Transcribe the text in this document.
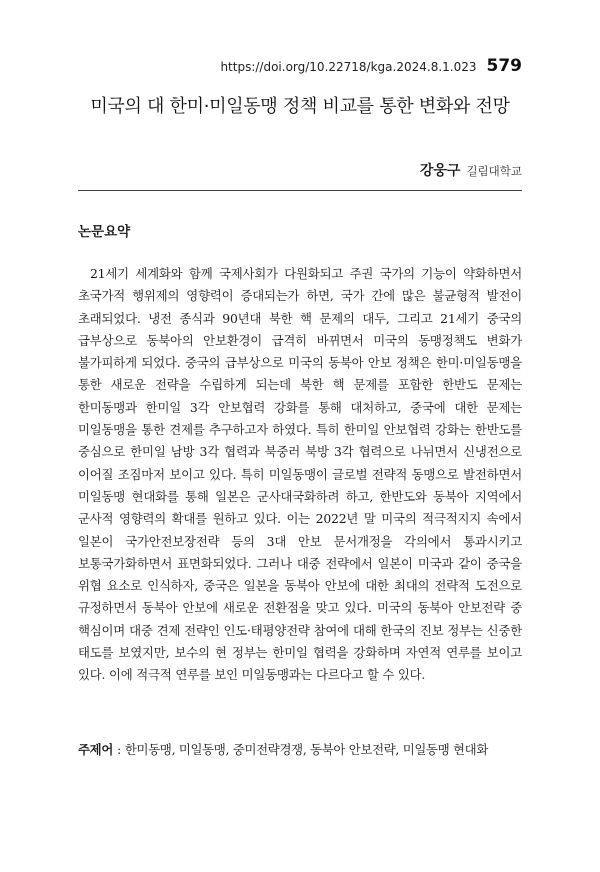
https://doi.org/10.22718/kga.2024.8.1.023 579
미국의 대 한미·미일동맹 정책 비교를 통한 변화와 전망
강웅구 길림대학교
논문요약

21세기 세계화와 함께 국제사회가 다원화되고 주권 국가의 기능이 약화하면서 초국가적 행위제의 영향력이 증대되는가 하면, 국가 간에 많은 불균형적 발전이 초래되었다. 냉전 종식과 90년대 북한 핵 문제의 대두, 그리고 21세기 중국의 급부상으로 동북아의 안보환경이 급격히 바뀌면서 미국의 동맹정책도 변화가 불가피하게 되었다. 중국의 급부상으로 미국의 동북아 안보 정책은 한미·미일동맹을 통한 새로운 전략을 수립하게 되는데 북한 핵 문제를 포함한 한반도 문제는 한미동맹과 한미일 3각 안보협력 강화를 통해 대처하고, 중국에 대한 문제는 미일동맹을 통한 견제를 추구하고자 하였다. 특히 한미일 안보협력 강화는 한반도를 중심으로 한미일 남방 3각 협력과 북중러 북방 3각 협력으로 나뉘면서 신냉전으로 이어질 조짐마저 보이고 있다. 특히 미일동맹이 글로벌 전략적 동맹으로 발전하면서 미일동맹 현대화를 통해 일본은 군사대국화하려 하고, 한반도와 동북아 지역에서 군사적 영향력의 확대를 원하고 있다. 이는 2022년 말 미국의 적극적지지 속에서 일본이 국가안전보장전략 등의 3대 안보 문서개정을 각의에서 통과시키고 보통국가화하면서 표면화되었다. 그러나 대중 전략에서 일본이 미국과 같이 중국을 위협 요소로 인식하자, 중국은 일본을 동북아 안보에 대한 최대의 전략적 도전으로 규정하면서 동북아 안보에 새로운 전환점을 맞고 있다. 미국의 동북아 안보전략 중 핵심이며 대중 견제 전략인 인도·태평양전략 참여에 대해 한국의 진보 정부는 신중한 태도를 보였지만, 보수의 현 정부는 한미일 협력을 강화하며 자연적 연루를 보이고 있다. 이에 적극적 연루를 보인 미일동맹과는 다르다고 할 수 있다.

주제어 : 한미동맹, 미일동맹, 중미전략경쟁, 동북아 안보전략, 미일동맹 현대화
